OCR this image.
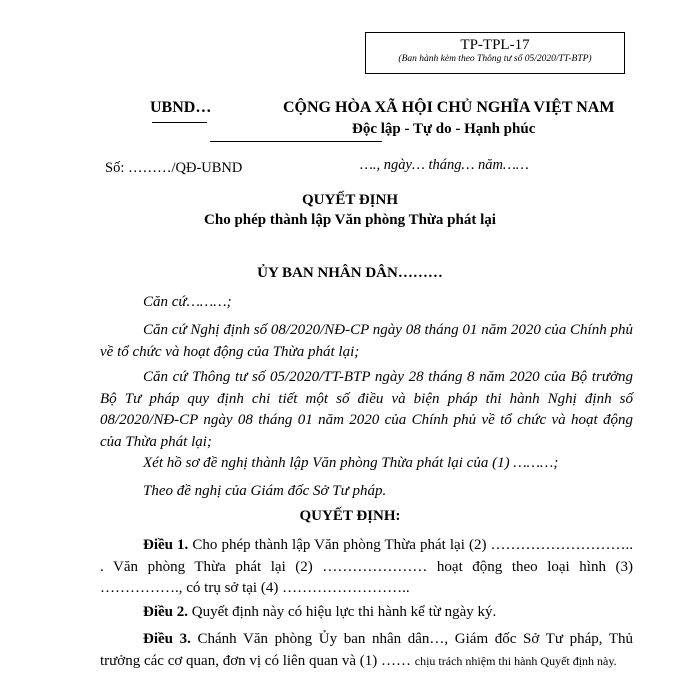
TP-TPL-17
(Ban hành kèm theo Thông tư số 05/2020/TT-BTP)
UBND…	CỘNG HÒA XÃ HỘI CHỦ NGHĨA VIỆT NAM
Độc lập - Tự do - Hạnh phúc
Số: ………/QĐ-UBND	…., ngày… tháng… năm……
QUYẾT ĐỊNH
Cho phép thành lập Văn phòng Thừa phát lại
ỦY BAN NHÂN DÂN………
Căn cứ………;
Căn cứ Nghị định số 08/2020/NĐ-CP ngày 08 tháng 01 năm 2020 của Chính phủ về tổ chức và hoạt động của Thừa phát lại;
Căn cứ Thông tư số 05/2020/TT-BTP ngày 28 tháng 8 năm 2020 của Bộ trưởng Bộ Tư pháp quy định chi tiết một số điều và biện pháp thi hành Nghị định số 08/2020/NĐ-CP ngày 08 tháng 01 năm 2020 của Chính phủ về tổ chức và hoạt động của Thừa phát lại;
Xét hồ sơ đề nghị thành lập Văn phòng Thừa phát lại của (1) ………;
Theo đề nghị của Giám đốc Sở Tư pháp.
QUYẾT ĐỊNH:
Điều 1. Cho phép thành lập Văn phòng Thừa phát lại (2) ……………………….. . Văn phòng Thừa phát lại (2) ………………… hoạt động theo loại hình (3) ……………., có trụ sở tại (4) ……………………..
Điều 2. Quyết định này có hiệu lực thi hành kể từ ngày ký.
Điều 3. Chánh Văn phòng Ủy ban nhân dân…, Giám đốc Sở Tư pháp, Thủ trưởng các cơ quan, đơn vị có liên quan và (1) …… chịu trách nhiệm thi hành Quyết định này.
